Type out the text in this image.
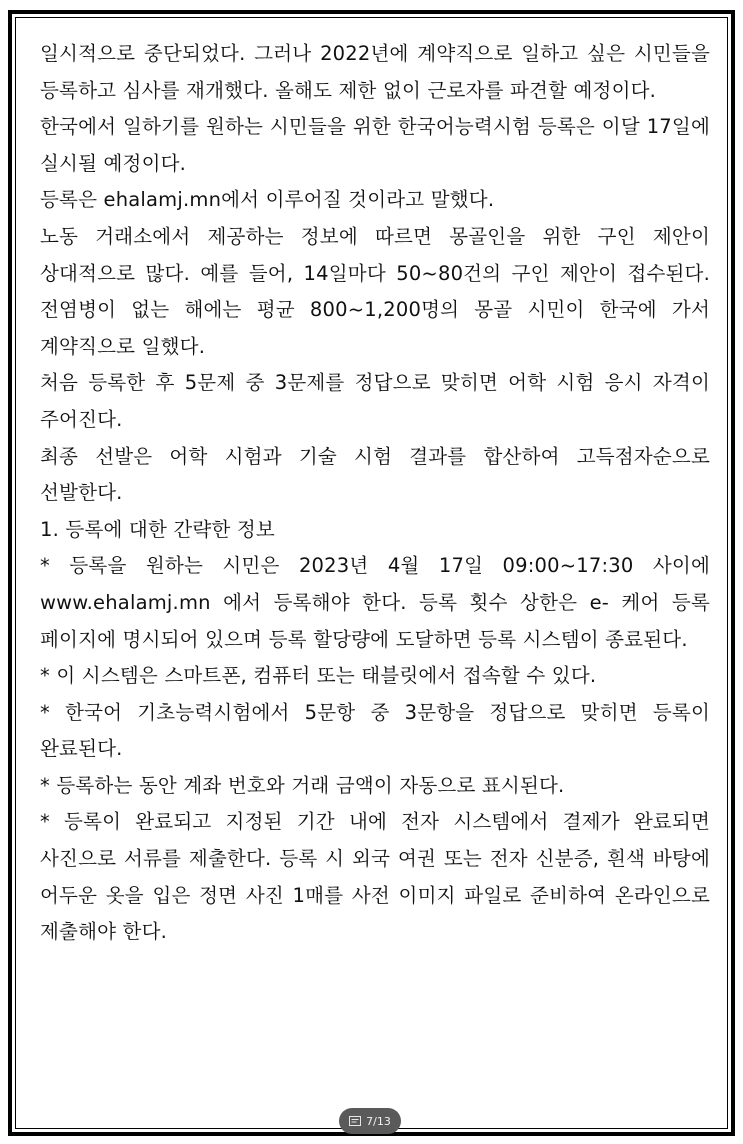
일시적으로 중단되었다. 그러나 2022년에 계약직으로 일하고 싶은 시민들을 등록하고 심사를 재개했다. 올해도 제한 없이 근로자를 파견할 예정이다.

한국에서 일하기를 원하는 시민들을 위한 한국어능력시험 등록은 이달 17일에 실시될 예정이다.

등록은 ehalamj.mn에서 이루어질 것이라고 말했다.

노동 거래소에서 제공하는 정보에 따르면 몽골인을 위한 구인 제안이 상대적으로 많다. 예를 들어, 14일마다 50~80건의 구인 제안이 접수된다. 전염병이 없는 해에는 평균 800~1,200명의 몽골 시민이 한국에 가서 계약직으로 일했다.

처음 등록한 후 5문제 중 3문제를 정답으로 맞히면 어학 시험 응시 자격이 주어진다.

최종 선발은 어학 시험과 기술 시험 결과를 합산하여 고득점자순으로 선발한다.

1. 등록에 대한 간략한 정보

* 등록을 원하는 시민은 2023년 4월 17일 09:00~17:30 사이에 www.ehalamj.mn 에서 등록해야 한다. 등록 횟수 상한은 e- 케어 등록 페이지에 명시되어 있으며 등록 할당량에 도달하면 등록 시스템이 종료된다.

* 이 시스템은 스마트폰, 컴퓨터 또는 태블릿에서 접속할 수 있다.

* 한국어 기초능력시험에서 5문항 중 3문항을 정답으로 맞히면 등록이 완료된다.

* 등록하는 동안 계좌 번호와 거래 금액이 자동으로 표시된다.

* 등록이 완료되고 지정된 기간 내에 전자 시스템에서 결제가 완료되면 사진으로 서류를 제출한다. 등록 시 외국 여권 또는 전자 신분증, 흰색 바탕에 어두운 옷을 입은 정면 사진 1매를 사전 이미지 파일로 준비하여 온라인으로 제출해야 한다.

7/13
